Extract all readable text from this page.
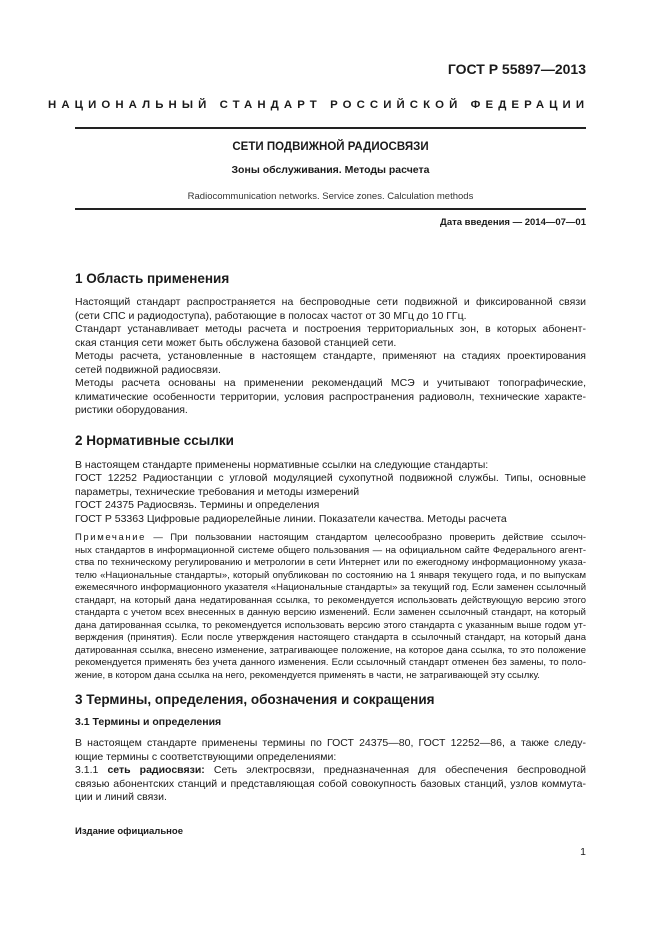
ГОСТ Р 55897—2013
НАЦИОНАЛЬНЫЙ СТАНДАРТ РОССИЙСКОЙ ФЕДЕРАЦИИ
СЕТИ ПОДВИЖНОЙ РАДИОСВЯЗИ
Зоны обслуживания. Методы расчета
Radiocommunication networks. Service zones. Calculation methods
Дата введения — 2014—07—01
1 Область применения
Настоящий стандарт распространяется на беспроводные сети подвижной и фиксированной связи
(сети СПС и радиодоступа), работающие в полосах частот от 30 МГц до 10 ГГц.
Стандарт устанавливает методы расчета и построения территориальных зон, в которых абонент-
ская станция сети может быть обслужена базовой станцией сети.
Методы расчета, установленные в настоящем стандарте, применяют на стадиях проектирования
сетей подвижной радиосвязи.
Методы расчета основаны на применении рекомендаций МСЭ и учитывают топографические,
климатические особенности территории, условия распространения радиоволн, технические характе-
ристики оборудования.
2 Нормативные ссылки
В настоящем стандарте применены нормативные ссылки на следующие стандарты:
ГОСТ 12252 Радиостанции с угловой модуляцией сухопутной подвижной службы. Типы, основные
параметры, технические требования и методы измерений
ГОСТ 24375 Радиосвязь. Термины и определения
ГОСТ Р 53363 Цифровые радиорелейные линии. Показатели качества. Методы расчета
Примечание — При пользовании настоящим стандартом целесообразно проверить действие ссылоч-
ных стандартов в информационной системе общего пользования — на официальном сайте Федерального агент-
ства по техническому регулированию и метрологии в сети Интернет или по ежегодному информационному указа-
телю «Национальные стандарты», который опубликован по состоянию на 1 января текущего года, и по выпускам
ежемесячного информационного указателя «Национальные стандарты» за текущий год. Если заменен ссылочный
стандарт, на который дана недатированная ссылка, то рекомендуется использовать действующую версию этого
стандарта с учетом всех внесенных в данную версию изменений. Если заменен ссылочный стандарт, на который
дана датированная ссылка, то рекомендуется использовать версию этого стандарта с указанным выше годом ут-
верждения (принятия). Если после утверждения настоящего стандарта в ссылочный стандарт, на который дана
датированная ссылка, внесено изменение, затрагивающее положение, на которое дана ссылка, то это положение
рекомендуется применять без учета данного изменения. Если ссылочный стандарт отменен без замены, то поло-
жение, в котором дана ссылка на него, рекомендуется применять в части, не затрагивающей эту ссылку.
3 Термины, определения, обозначения и сокращения
3.1 Термины и определения
В настоящем стандарте применены термины по ГОСТ 24375—80, ГОСТ 12252—86, а также следу-
ющие термины с соответствующими определениями:
3.1.1 сеть радиосвязи: Сеть электросвязи, предназначенная для обеспечения беспроводной
связью абонентских станций и представляющая собой совокупность базовых станций, узлов коммута-
ции и линий связи.
Издание официальное
1
